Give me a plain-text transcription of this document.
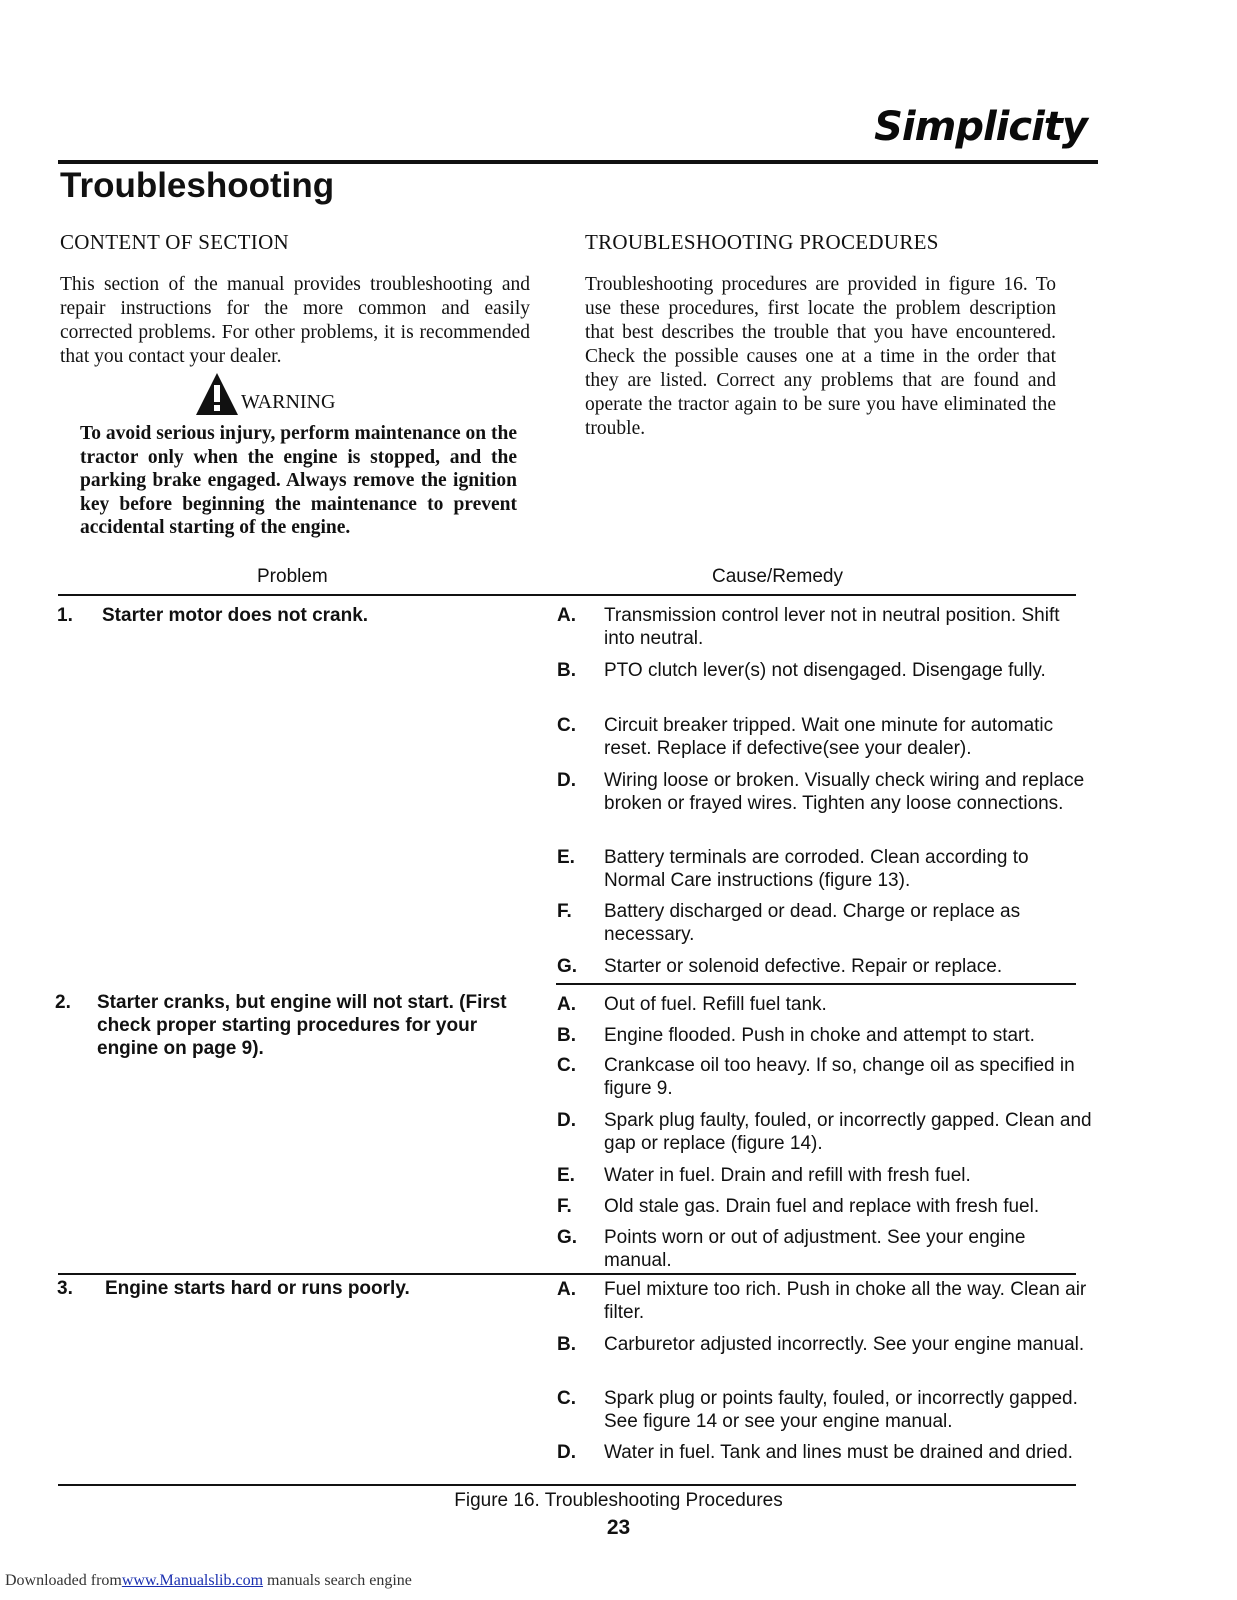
Simplicity
Troubleshooting

CONTENT OF SECTION

This section of the manual provides troubleshooting and repair instructions for the more common and easily corrected problems. For other problems, it is recommended that you contact your dealer.

WARNING

To avoid serious injury, perform maintenance on the tractor only when the engine is stopped, and the parking brake engaged. Always remove the ignition key before beginning the maintenance to prevent accidental starting of the engine.

TROUBLESHOOTING PROCEDURES

Troubleshooting procedures are provided in figure 16. To use these procedures, first locate the problem description that best describes the trouble that you have encountered. Check the possible causes one at a time in the order that they are listed. Correct any problems that are found and operate the tractor again to be sure you have eliminated the trouble.

Problem	Cause/Remedy
1. Starter motor does not crank.	A. Transmission control lever not in neutral position. Shift into neutral.
B. PTO clutch lever(s) not disengaged. Disengage fully.
C. Circuit breaker tripped. Wait one minute for automatic reset. Replace if defective(see your dealer).
D. Wiring loose or broken. Visually check wiring and replace broken or frayed wires. Tighten any loose connections.
E. Battery terminals are corroded. Clean according to Normal Care instructions (figure 13).
F. Battery discharged or dead. Charge or replace as necessary.
G. Starter or solenoid defective. Repair or replace.
2. Starter cranks, but engine will not start. (First check proper starting procedures for your engine on page 9).
A. Out of fuel. Refill fuel tank.
B. Engine flooded. Push in choke and attempt to start.
C. Crankcase oil too heavy. If so, change oil as specified in figure 9.
D. Spark plug faulty, fouled, or incorrectly gapped. Clean and gap or replace (figure 14).
E. Water in fuel. Drain and refill with fresh fuel.
F. Old stale gas. Drain fuel and replace with fresh fuel.
G. Points worn or out of adjustment. See your engine manual.
3. Engine starts hard or runs poorly.	A. Fuel mixture too rich. Push in choke all the way. Clean air filter.
B. Carburetor adjusted incorrectly. See your engine manual.
C. Spark plug or points faulty, fouled, or incorrectly gapped. See figure 14 or see your engine manual.
D. Water in fuel. Tank and lines must be drained and dried.
Figure 16. Troubleshooting Procedures
23
Downloaded fromwww.Manualslib.com manuals search engine
